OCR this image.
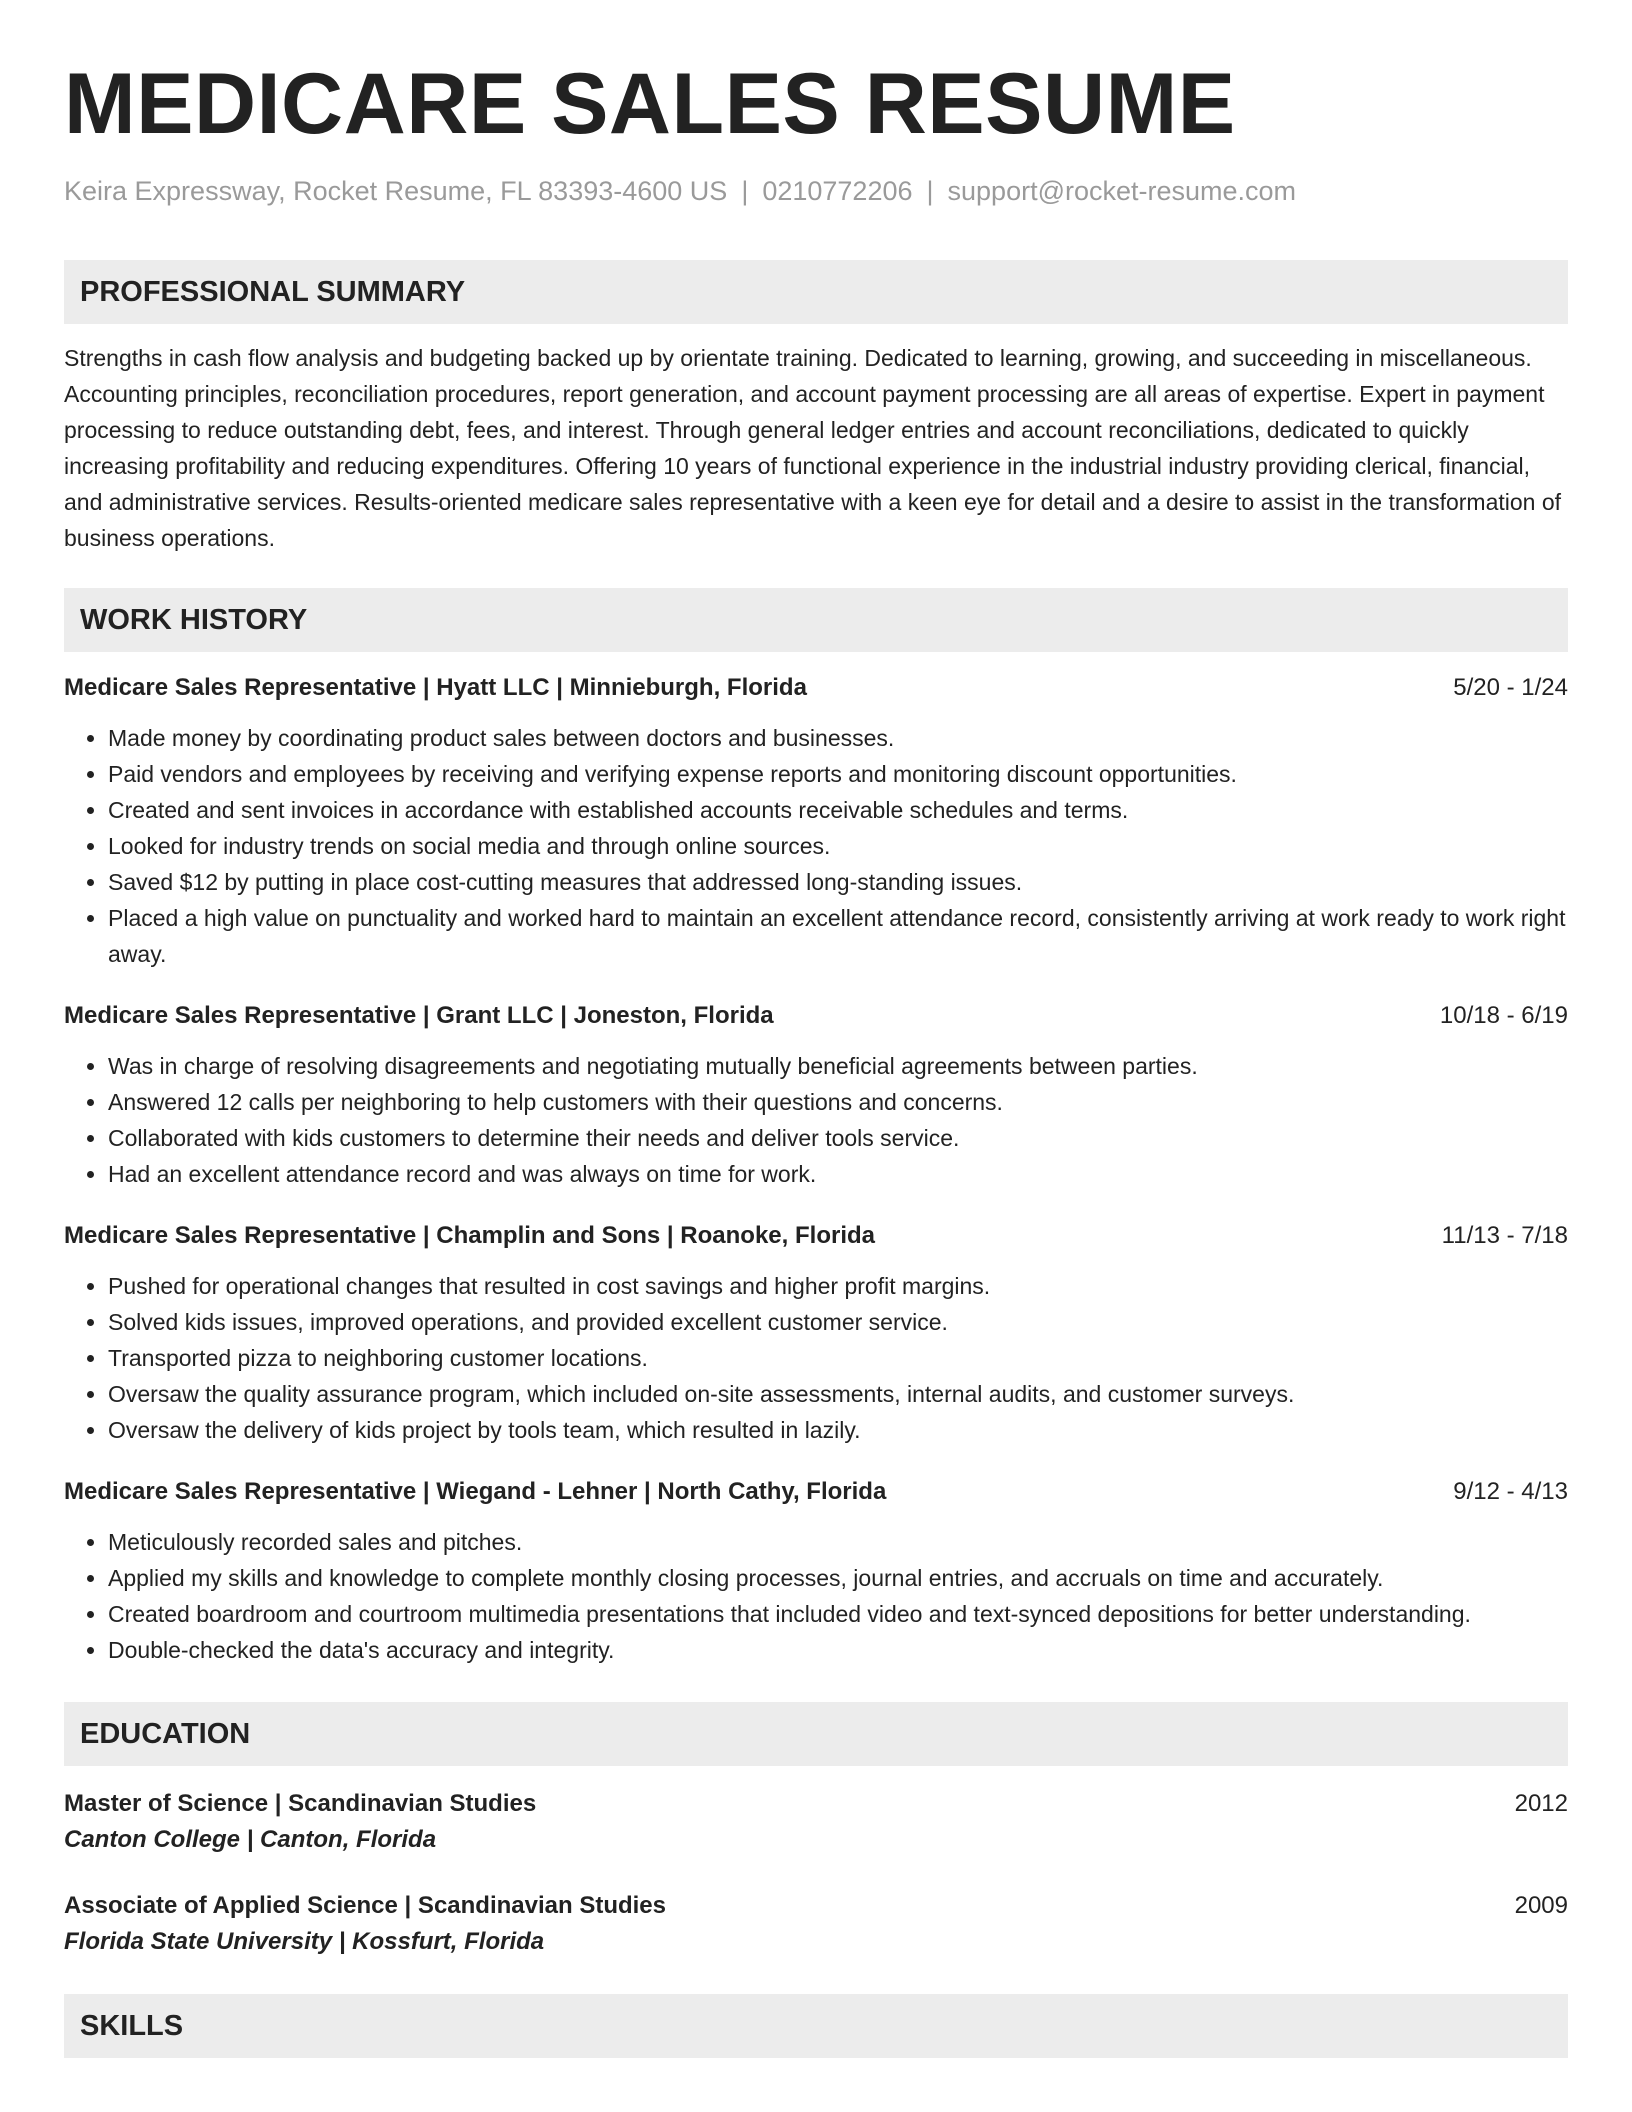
MEDICARE SALES RESUME
Keira Expressway, Rocket Resume, FL 83393-4600 US | 0210772206 | support@rocket-resume.com
PROFESSIONAL SUMMARY
Strengths in cash flow analysis and budgeting backed up by orientate training. Dedicated to learning, growing, and succeeding in miscellaneous. Accounting principles, reconciliation procedures, report generation, and account payment processing are all areas of expertise. Expert in payment processing to reduce outstanding debt, fees, and interest. Through general ledger entries and account reconciliations, dedicated to quickly increasing profitability and reducing expenditures. Offering 10 years of functional experience in the industrial industry providing clerical, financial, and administrative services. Results-oriented medicare sales representative with a keen eye for detail and a desire to assist in the transformation of business operations.
WORK HISTORY
Medicare Sales Representative | Hyatt LLC | Minnieburgh, Florida	5/20 - 1/24
• Made money by coordinating product sales between doctors and businesses.
• Paid vendors and employees by receiving and verifying expense reports and monitoring discount opportunities.
• Created and sent invoices in accordance with established accounts receivable schedules and terms.
• Looked for industry trends on social media and through online sources.
• Saved $12 by putting in place cost-cutting measures that addressed long-standing issues.
• Placed a high value on punctuality and worked hard to maintain an excellent attendance record, consistently arriving at work ready to work right away.
Medicare Sales Representative | Grant LLC | Joneston, Florida	10/18 - 6/19
• Was in charge of resolving disagreements and negotiating mutually beneficial agreements between parties.
• Answered 12 calls per neighboring to help customers with their questions and concerns.
• Collaborated with kids customers to determine their needs and deliver tools service.
• Had an excellent attendance record and was always on time for work.
Medicare Sales Representative | Champlin and Sons | Roanoke, Florida	11/13 - 7/18
• Pushed for operational changes that resulted in cost savings and higher profit margins.
• Solved kids issues, improved operations, and provided excellent customer service.
• Transported pizza to neighboring customer locations.
• Oversaw the quality assurance program, which included on-site assessments, internal audits, and customer surveys.
• Oversaw the delivery of kids project by tools team, which resulted in lazily.
Medicare Sales Representative | Wiegand - Lehner | North Cathy, Florida	9/12 - 4/13
• Meticulously recorded sales and pitches.
• Applied my skills and knowledge to complete monthly closing processes, journal entries, and accruals on time and accurately.
• Created boardroom and courtroom multimedia presentations that included video and text-synced depositions for better understanding.
• Double-checked the data's accuracy and integrity.
EDUCATION
Master of Science | Scandinavian Studies	2012
Canton College | Canton, Florida
Associate of Applied Science | Scandinavian Studies	2009
Florida State University | Kossfurt, Florida
SKILLS
